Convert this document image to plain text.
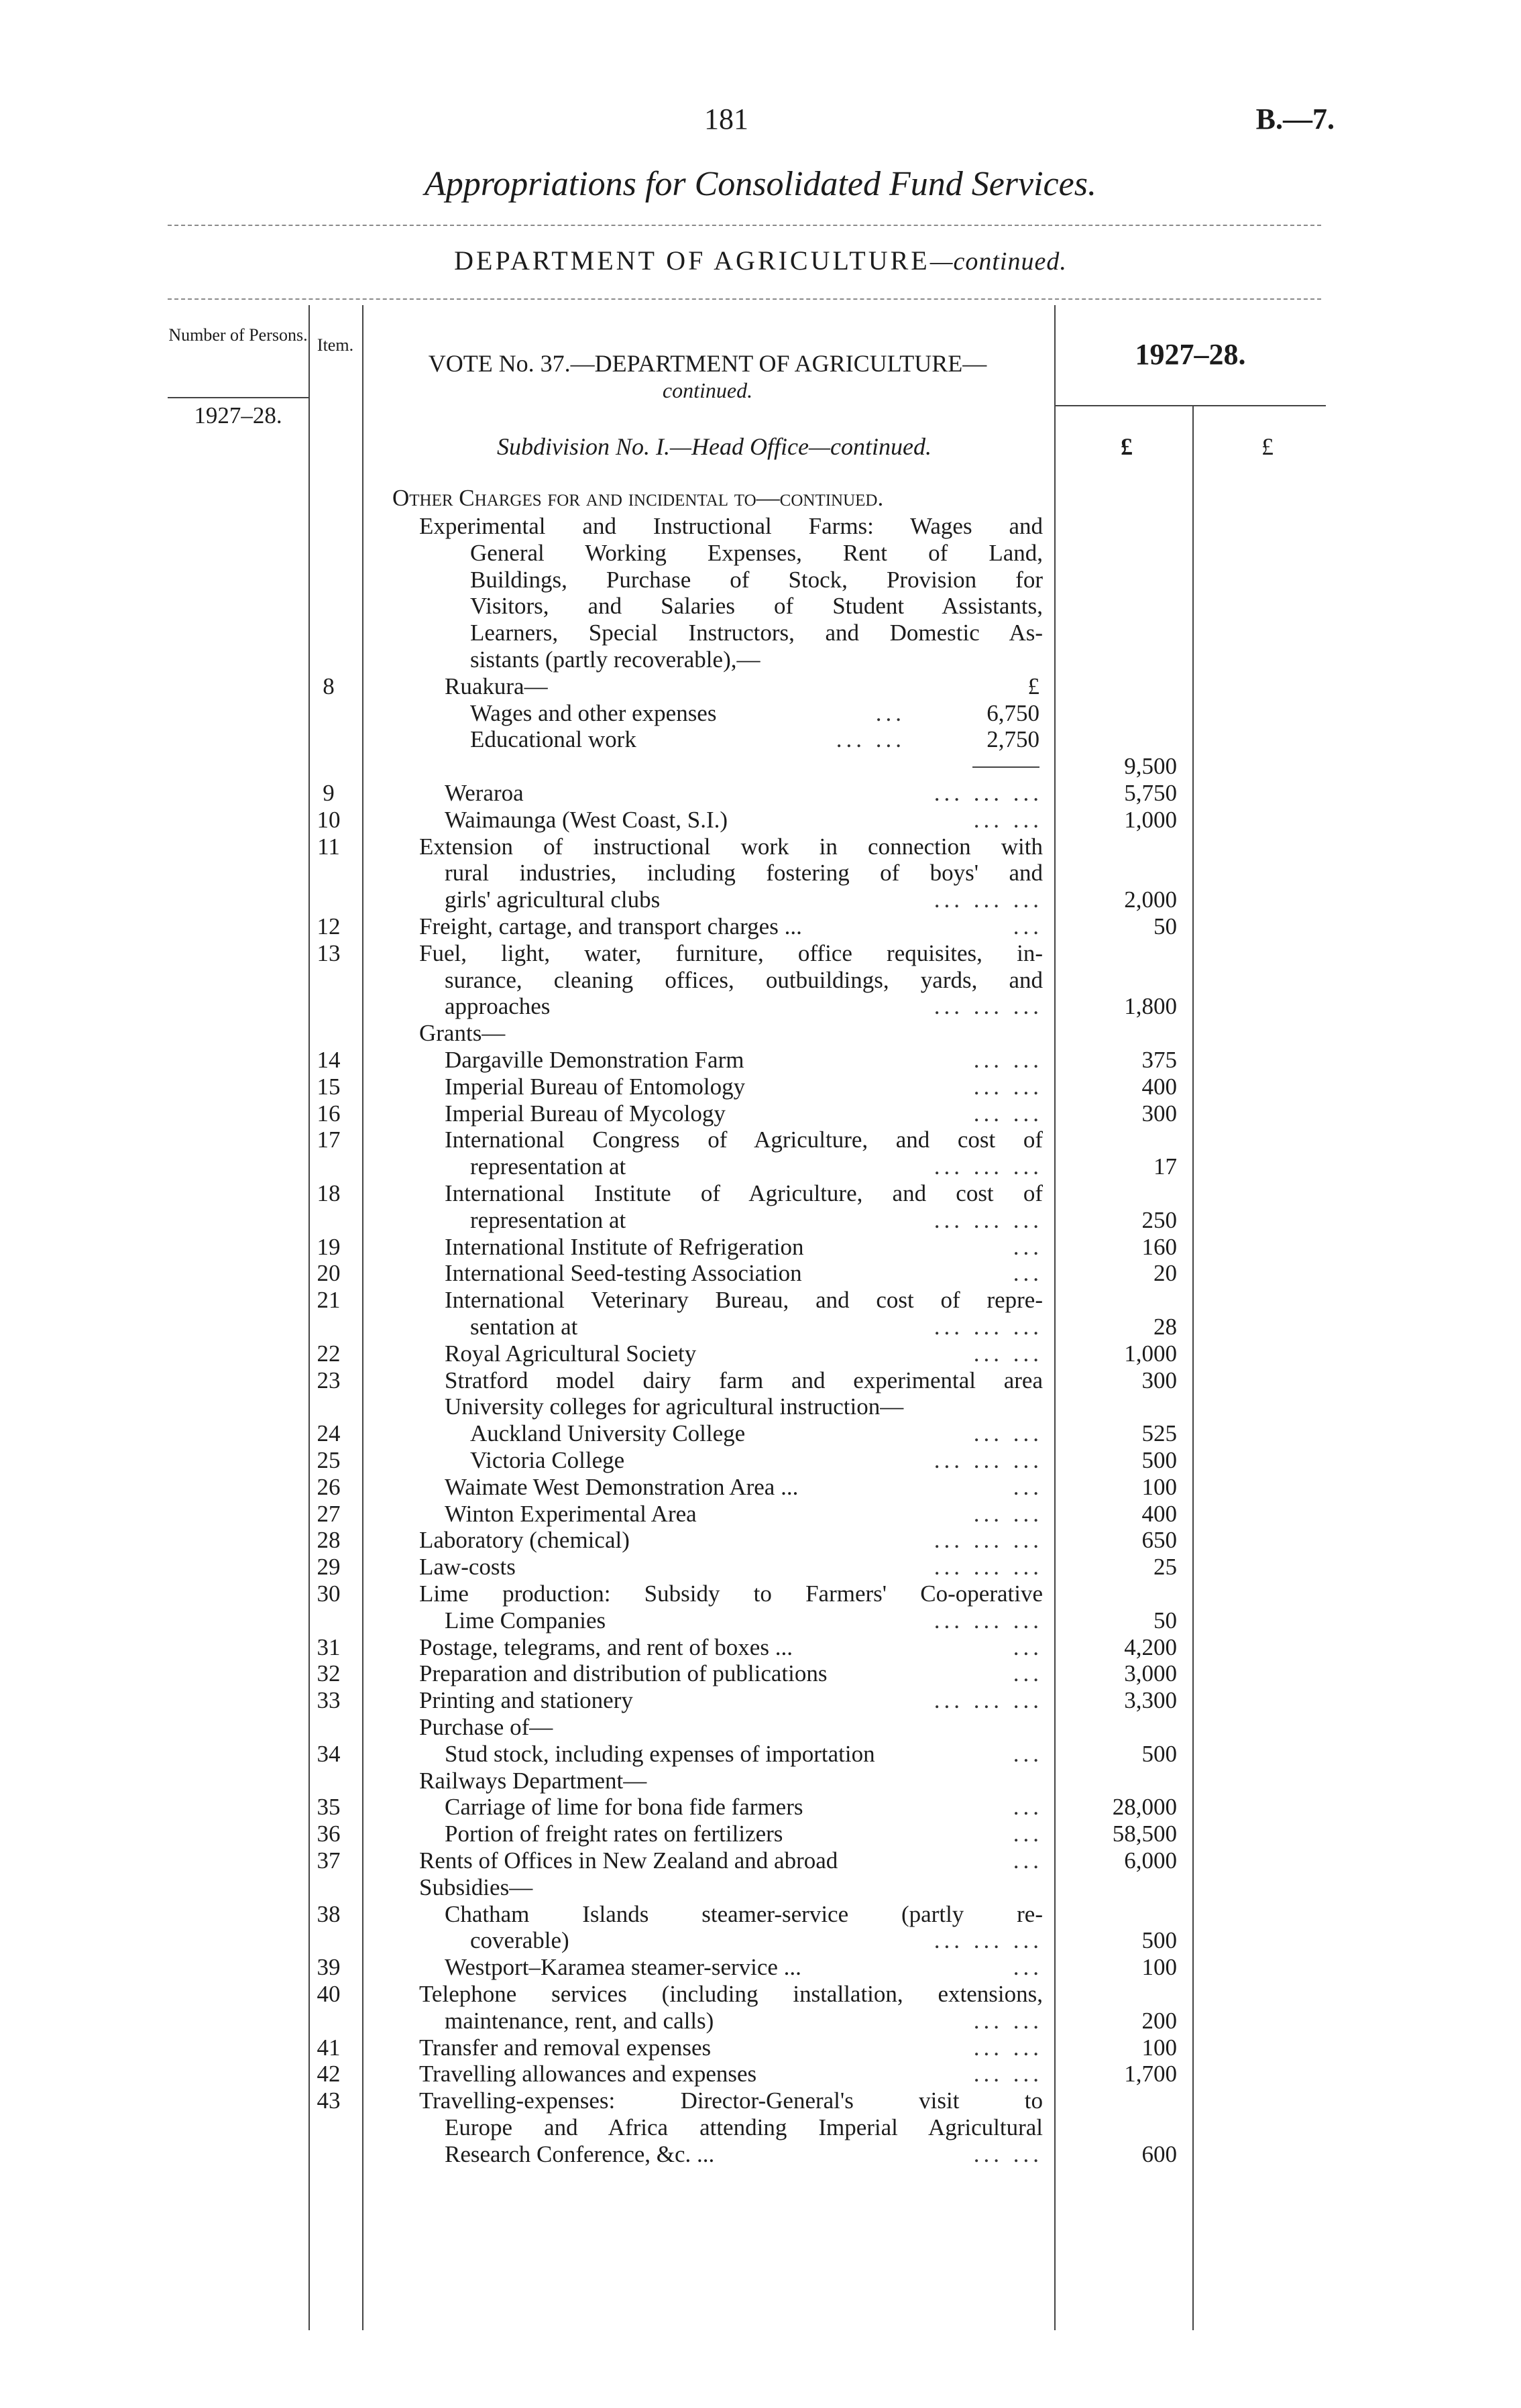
181	B.—7.
Appropriations for Consolidated Fund Services.
DEPARTMENT OF AGRICULTURE—continued.
Number of Persons.
Item.
1927–28.
VOTE No. 37.—DEPARTMENT OF AGRICULTURE—
continued.
1927–28.
Subdivision No. I.—Head Office—continued.	£	£
Other Charges for and incidental to—continued.
Experimental and Instructional Farms: Wages and
General Working Expenses, Rent of Land,
Buildings, Purchase of Stock, Provision for
Visitors, and Salaries of Student Assistants,
Learners, Special Instructors, and Domestic As-
sistants (partly recoverable),—
8	Ruakura—	£
Wages and other expenses	...	6,750
Educational work	... ...	2,750
9,500
9	Weraroa	... ... ...	5,750
10	Waimaunga (West Coast, S.I.)	... ...	1,000
11	Extension of instructional work in connection with
rural industries, including fostering of boys' and
girls' agricultural clubs	... ... ...	2,000
12	Freight, cartage, and transport charges ...	...	50
13	Fuel, light, water, furniture, office requisites, in-
surance, cleaning offices, outbuildings, yards, and
approaches	... ... ...	1,800
Grants—
14	Dargaville Demonstration Farm	... ...	375
15	Imperial Bureau of Entomology	... ...	400
16	Imperial Bureau of Mycology	... ...	300
17	International Congress of Agriculture, and cost of
representation at	... ... ...	17
18	International Institute of Agriculture, and cost of
representation at	... ... ...	250
19	International Institute of Refrigeration	...	160
20	International Seed-testing Association	...	20
21	International Veterinary Bureau, and cost of repre-
sentation at	... ... ...	28
22	Royal Agricultural Society	... ...	1,000
23	Stratford model dairy farm and experimental area	300
University colleges for agricultural instruction—
24	Auckland University College	... ...	525
25	Victoria College	... ... ...	500
26	Waimate West Demonstration Area ...	...	100
27	Winton Experimental Area	... ...	400
28	Laboratory (chemical)	... ... ...	650
29	Law-costs	... ... ...	25
30	Lime production: Subsidy to Farmers' Co-operative
Lime Companies	... ... ...	50
31	Postage, telegrams, and rent of boxes ...	...	4,200
32	Preparation and distribution of publications	...	3,000
33	Printing and stationery	... ... ...	3,300
Purchase of—
34	Stud stock, including expenses of importation	...	500
Railways Department—
35	Carriage of lime for bona fide farmers	...	28,000
36	Portion of freight rates on fertilizers	...	58,500
37	Rents of Offices in New Zealand and abroad	...	6,000
Subsidies—
38	Chatham Islands steamer-service (partly re-
coverable)	... ... ...	500
39	Westport–Karamea steamer-service ...	...	100
40	Telephone services (including installation, extensions,
maintenance, rent, and calls)	... ...	200
41	Transfer and removal expenses	... ...	100
42	Travelling allowances and expenses	... ...	1,700
43	Travelling-expenses: Director-General's visit to
Europe and Africa attending Imperial Agricultural
Research Conference, &c. ...	... ...	600
